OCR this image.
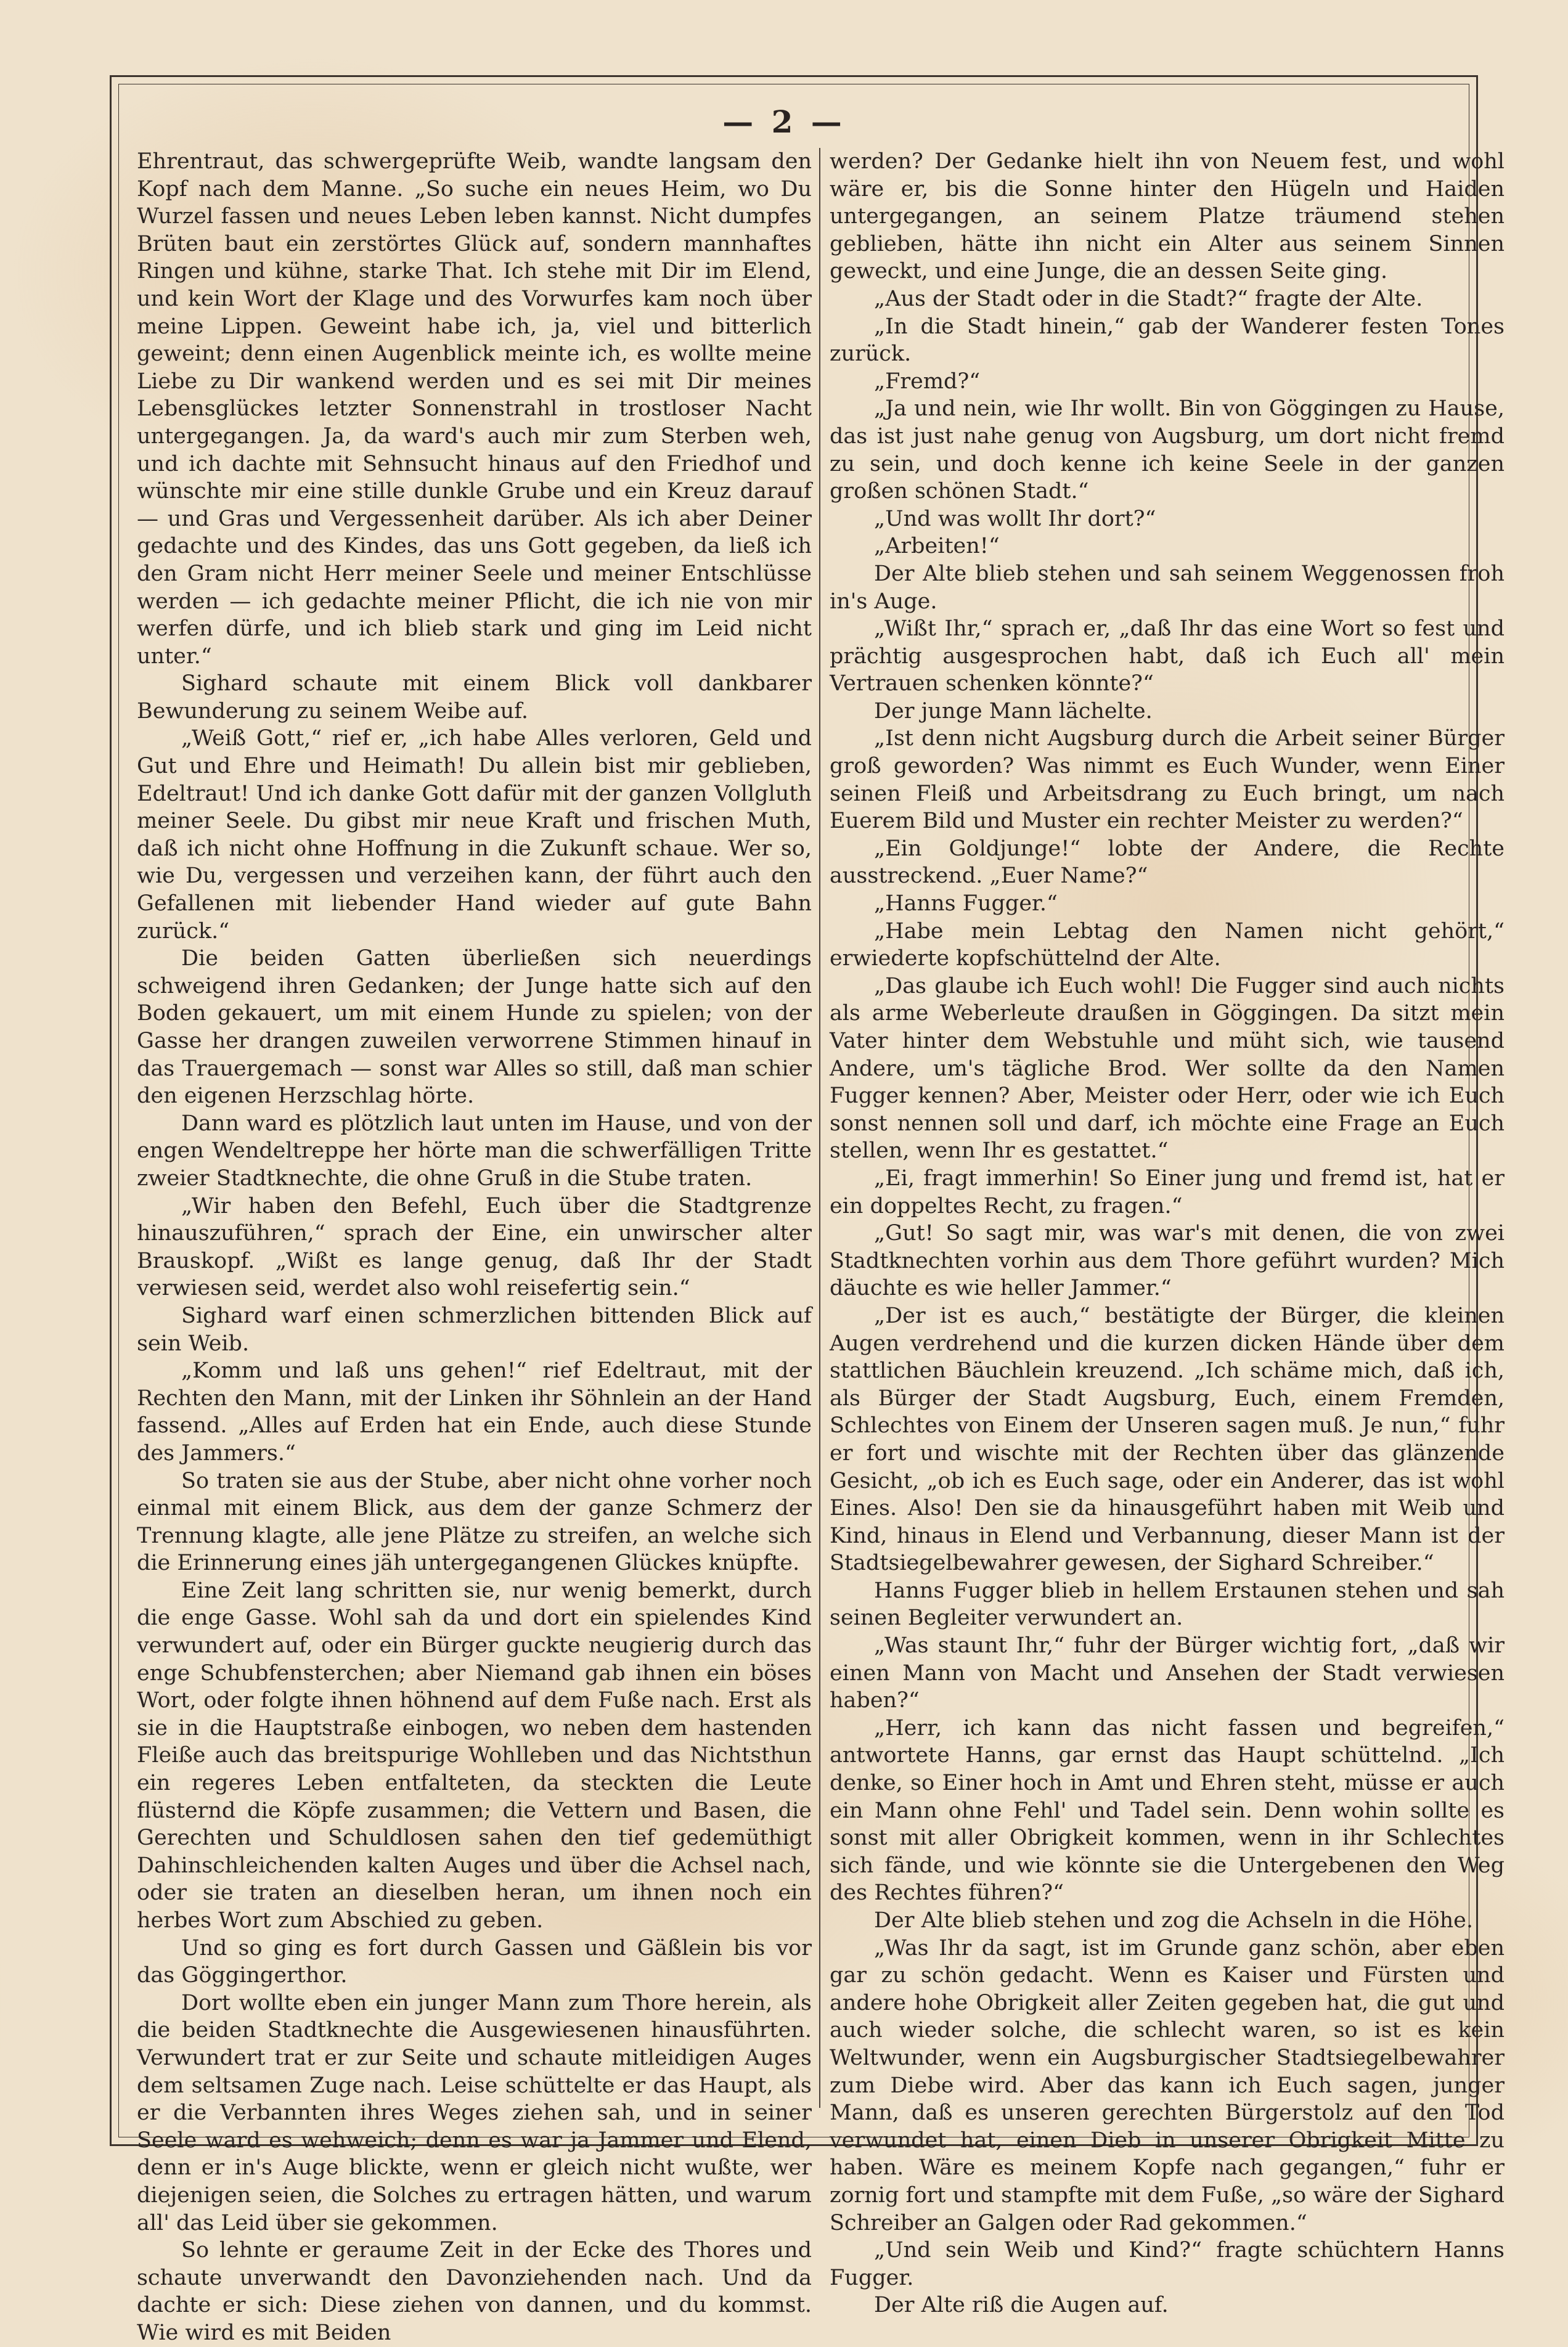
— 2 —

Ehrentraut, das schwergeprüfte Weib, wandte langsam den Kopf nach dem Manne. „So suche ein neues Heim, wo Du Wurzel fassen und neues Leben leben kannst. Nicht dumpfes Brüten baut ein zerstörtes Glück auf, sondern mannhaftes Ringen und kühne, starke That. Ich stehe mit Dir im Elend, und kein Wort der Klage und des Vorwurfes kam noch über meine Lippen. Geweint habe ich, ja, viel und bitterlich geweint; denn einen Augenblick meinte ich, es wollte meine Liebe zu Dir wankend werden und es sei mit Dir meines Lebensglückes letzter Sonnenstrahl in trostloser Nacht untergegangen. Ja, da ward's auch mir zum Sterben weh, und ich dachte mit Sehnsucht hinaus auf den Friedhof und wünschte mir eine stille dunkle Grube und ein Kreuz darauf — und Gras und Vergessenheit darüber. Als ich aber Deiner gedachte und des Kindes, das uns Gott gegeben, da ließ ich den Gram nicht Herr meiner Seele und meiner Entschlüsse werden — ich gedachte meiner Pflicht, die ich nie von mir werfen dürfe, und ich blieb stark und ging im Leid nicht unter.“

Sighard schaute mit einem Blick voll dankbarer Bewunderung zu seinem Weibe auf.

„Weiß Gott,“ rief er, „ich habe Alles verloren, Geld und Gut und Ehre und Heimath! Du allein bist mir geblieben, Edeltraut! Und ich danke Gott dafür mit der ganzen Vollgluth meiner Seele. Du gibst mir neue Kraft und frischen Muth, daß ich nicht ohne Hoffnung in die Zukunft schaue. Wer so, wie Du, vergessen und verzeihen kann, der führt auch den Gefallenen mit liebender Hand wieder auf gute Bahn zurück.“

Die beiden Gatten überließen sich neuerdings schweigend ihren Gedanken; der Junge hatte sich auf den Boden gekauert, um mit einem Hunde zu spielen; von der Gasse her drangen zuweilen verworrene Stimmen hinauf in das Trauergemach — sonst war Alles so still, daß man schier den eigenen Herzschlag hörte.

Dann ward es plötzlich laut unten im Hause, und von der engen Wendeltreppe her hörte man die schwerfälligen Tritte zweier Stadtknechte, die ohne Gruß in die Stube traten.

„Wir haben den Befehl, Euch über die Stadtgrenze hinauszuführen,“ sprach der Eine, ein unwirscher alter Brauskopf. „Wißt es lange genug, daß Ihr der Stadt verwiesen seid, werdet also wohl reisefertig sein.“

Sighard warf einen schmerzlichen bittenden Blick auf sein Weib.

„Komm und laß uns gehen!“ rief Edeltraut, mit der Rechten den Mann, mit der Linken ihr Söhnlein an der Hand fassend. „Alles auf Erden hat ein Ende, auch diese Stunde des Jammers.“

So traten sie aus der Stube, aber nicht ohne vorher noch einmal mit einem Blick, aus dem der ganze Schmerz der Trennung klagte, alle jene Plätze zu streifen, an welche sich die Erinnerung eines jäh untergegangenen Glückes knüpfte.

Eine Zeit lang schritten sie, nur wenig bemerkt, durch die enge Gasse. Wohl sah da und dort ein spielendes Kind verwundert auf, oder ein Bürger guckte neugierig durch das enge Schubfensterchen; aber Niemand gab ihnen ein böses Wort, oder folgte ihnen höhnend auf dem Fuße nach. Erst als sie in die Hauptstraße einbogen, wo neben dem hastenden Fleiße auch das breitspurige Wohlleben und das Nichtsthun ein regeres Leben entfalteten, da steckten die Leute flüsternd die Köpfe zusammen; die Vettern und Basen, die Gerechten und Schuldlosen sahen den tief gedemüthigt Dahinschleichenden kalten Auges und über die Achsel nach, oder sie traten an dieselben heran, um ihnen noch ein herbes Wort zum Abschied zu geben.

Und so ging es fort durch Gassen und Gäßlein bis vor das Göggingerthor.

Dort wollte eben ein junger Mann zum Thore herein, als die beiden Stadtknechte die Ausgewiesenen hinausführten. Verwundert trat er zur Seite und schaute mitleidigen Auges dem seltsamen Zuge nach. Leise schüttelte er das Haupt, als er die Verbannten ihres Weges ziehen sah, und in seiner Seele ward es wehweich; denn es war ja Jammer und Elend, denn er in's Auge blickte, wenn er gleich nicht wußte, wer diejenigen seien, die Solches zu ertragen hätten, und warum all' das Leid über sie gekommen.

So lehnte er geraume Zeit in der Ecke des Thores und schaute unverwandt den Davonziehenden nach. Und da dachte er sich: Diese ziehen von dannen, und du kommst. Wie wird es mit Beiden

werden? Der Gedanke hielt ihn von Neuem fest, und wohl wäre er, bis die Sonne hinter den Hügeln und Haiden untergegangen, an seinem Platze träumend stehen geblieben, hätte ihn nicht ein Alter aus seinem Sinnen geweckt, und eine Junge, die an dessen Seite ging.

„Aus der Stadt oder in die Stadt?“ fragte der Alte.

„In die Stadt hinein,“ gab der Wanderer festen Tones zurück.

„Fremd?“

„Ja und nein, wie Ihr wollt. Bin von Göggingen zu Hause, das ist just nahe genug von Augsburg, um dort nicht fremd zu sein, und doch kenne ich keine Seele in der ganzen großen schönen Stadt.“

„Und was wollt Ihr dort?“

„Arbeiten!“

Der Alte blieb stehen und sah seinem Weggenossen froh in's Auge.

„Wißt Ihr,“ sprach er, „daß Ihr das eine Wort so fest und prächtig ausgesprochen habt, daß ich Euch all' mein Vertrauen schenken könnte?“

Der junge Mann lächelte.

„Ist denn nicht Augsburg durch die Arbeit seiner Bürger groß geworden? Was nimmt es Euch Wunder, wenn Einer seinen Fleiß und Arbeitsdrang zu Euch bringt, um nach Euerem Bild und Muster ein rechter Meister zu werden?“

„Ein Goldjunge!“ lobte der Andere, die Rechte ausstreckend. „Euer Name?“

„Hanns Fugger.“

„Habe mein Lebtag den Namen nicht gehört,“ erwiederte kopfschüttelnd der Alte.

„Das glaube ich Euch wohl! Die Fugger sind auch nichts als arme Weberleute draußen in Göggingen. Da sitzt mein Vater hinter dem Webstuhle und müht sich, wie tausend Andere, um's tägliche Brod. Wer sollte da den Namen Fugger kennen? Aber, Meister oder Herr, oder wie ich Euch sonst nennen soll und darf, ich möchte eine Frage an Euch stellen, wenn Ihr es gestattet.“

„Ei, fragt immerhin! So Einer jung und fremd ist, hat er ein doppeltes Recht, zu fragen.“

„Gut! So sagt mir, was war's mit denen, die von zwei Stadtknechten vorhin aus dem Thore geführt wurden? Mich däuchte es wie heller Jammer.“

„Der ist es auch,“ bestätigte der Bürger, die kleinen Augen verdrehend und die kurzen dicken Hände über dem stattlichen Bäuchlein kreuzend. „Ich schäme mich, daß ich, als Bürger der Stadt Augsburg, Euch, einem Fremden, Schlechtes von Einem der Unseren sagen muß. Je nun,“ fuhr er fort und wischte mit der Rechten über das glänzende Gesicht, „ob ich es Euch sage, oder ein Anderer, das ist wohl Eines. Also! Den sie da hinausgeführt haben mit Weib und Kind, hinaus in Elend und Verbannung, dieser Mann ist der Stadtsiegelbewahrer gewesen, der Sighard Schreiber.“

Hanns Fugger blieb in hellem Erstaunen stehen und sah seinen Begleiter verwundert an.

„Was staunt Ihr,“ fuhr der Bürger wichtig fort, „daß wir einen Mann von Macht und Ansehen der Stadt verwiesen haben?“

„Herr, ich kann das nicht fassen und begreifen,“ antwortete Hanns, gar ernst das Haupt schüttelnd. „Ich denke, so Einer hoch in Amt und Ehren steht, müsse er auch ein Mann ohne Fehl' und Tadel sein. Denn wohin sollte es sonst mit aller Obrigkeit kommen, wenn in ihr Schlechtes sich fände, und wie könnte sie die Untergebenen den Weg des Rechtes führen?“

Der Alte blieb stehen und zog die Achseln in die Höhe.

„Was Ihr da sagt, ist im Grunde ganz schön, aber eben gar zu schön gedacht. Wenn es Kaiser und Fürsten und andere hohe Obrigkeit aller Zeiten gegeben hat, die gut und auch wieder solche, die schlecht waren, so ist es kein Weltwunder, wenn ein Augsburgischer Stadtsiegelbewahrer zum Diebe wird. Aber das kann ich Euch sagen, junger Mann, daß es unseren gerechten Bürgerstolz auf den Tod verwundet hat, einen Dieb in unserer Obrigkeit Mitte zu haben. Wäre es meinem Kopfe nach gegangen,“ fuhr er zornig fort und stampfte mit dem Fuße, „so wäre der Sighard Schreiber an Galgen oder Rad gekommen.“

„Und sein Weib und Kind?“ fragte schüchtern Hanns Fugger.

Der Alte riß die Augen auf.
